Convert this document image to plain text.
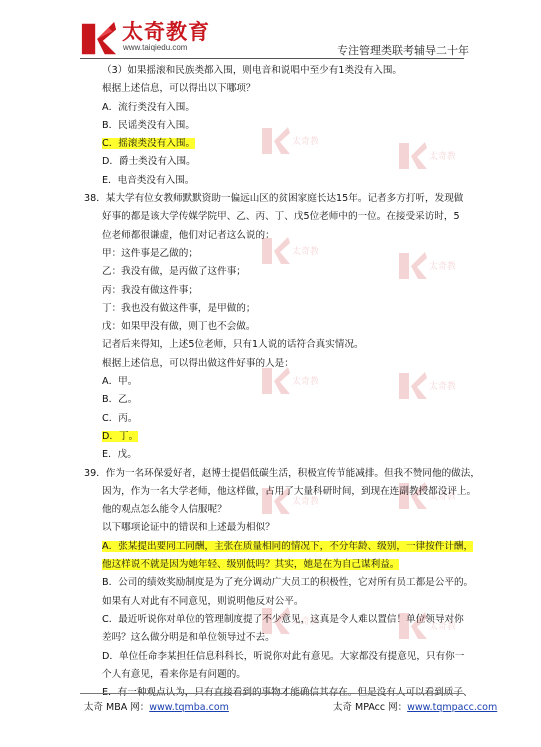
太奇教育
www.taiqiedu.com	专注管理类联考辅导二十年
太奇教
太奇教
太奇教
太奇教
太奇教	太奇教
太奇教	太奇教
太奇教	太奇教
（3）如果摇滚和民族类都入围，则电音和说唱中至少有1类没有入围。
根据上述信息，可以得出以下哪项？
A．流行类没有入围。
B．民谣类没有入围。
C．摇滚类没有入围。
D．爵士类没有入围。
E．电音类没有入围。
38．某大学有位女教师默默资助一偏远山区的贫困家庭长达15年。记者多方打听，发现做
好事的都是该大学传媒学院甲、乙、丙、丁、戊5位老师中的一位。在接受采访时，5
位老师都很谦虚，他们对记者这么说的：
甲：这件事是乙做的；
乙：我没有做，是丙做了这件事；
丙：我没有做这件事；
丁：我也没有做这件事，是甲做的；
戊：如果甲没有做，则丁也不会做。
记者后来得知，上述5位老师，只有1人说的话符合真实情况。
根据上述信息，可以得出做这件好事的人是：
A．甲。
B．乙。
C．丙。
D．丁。
E．戊。
39．作为一名环保爱好者，赵博士提倡低碳生活，积极宣传节能减排。但我不赞同他的做法，
因为，作为一名大学老师，他这样做，占用了大量科研时间，到现在连副教授都没评上。
他的观点怎么能令人信服呢？
以下哪项论证中的错误和上述最为相似？
A．张某提出要同工同酬，主张在质量相同的情况下，不分年龄、级别，一律按件计酬，
他这样说不就是因为她年轻、级别低吗？其实，她是在为自己谋利益。
B．公司的绩效奖励制度是为了充分调动广大员工的积极性，它对所有员工都是公平的。
如果有人对此有不同意见，则说明他反对公平。
C．最近听说你对单位的管理制度提了不少意见，这真是令人难以置信！单位领导对你
差吗？这么做分明是和单位领导过不去。
D．单位任命李某担任信息科科长，听说你对此有意见。大家都没有提意见，只有你一
个人有意见，看来你是有问题的。
E．有一种观点认为，只有直接看到的事物才能确信其存在。但是没有人可以看到质子、
太奇 MBA 网：www.tqmba.com	太奇 MPAcc 网：www.tqmpacc.com
